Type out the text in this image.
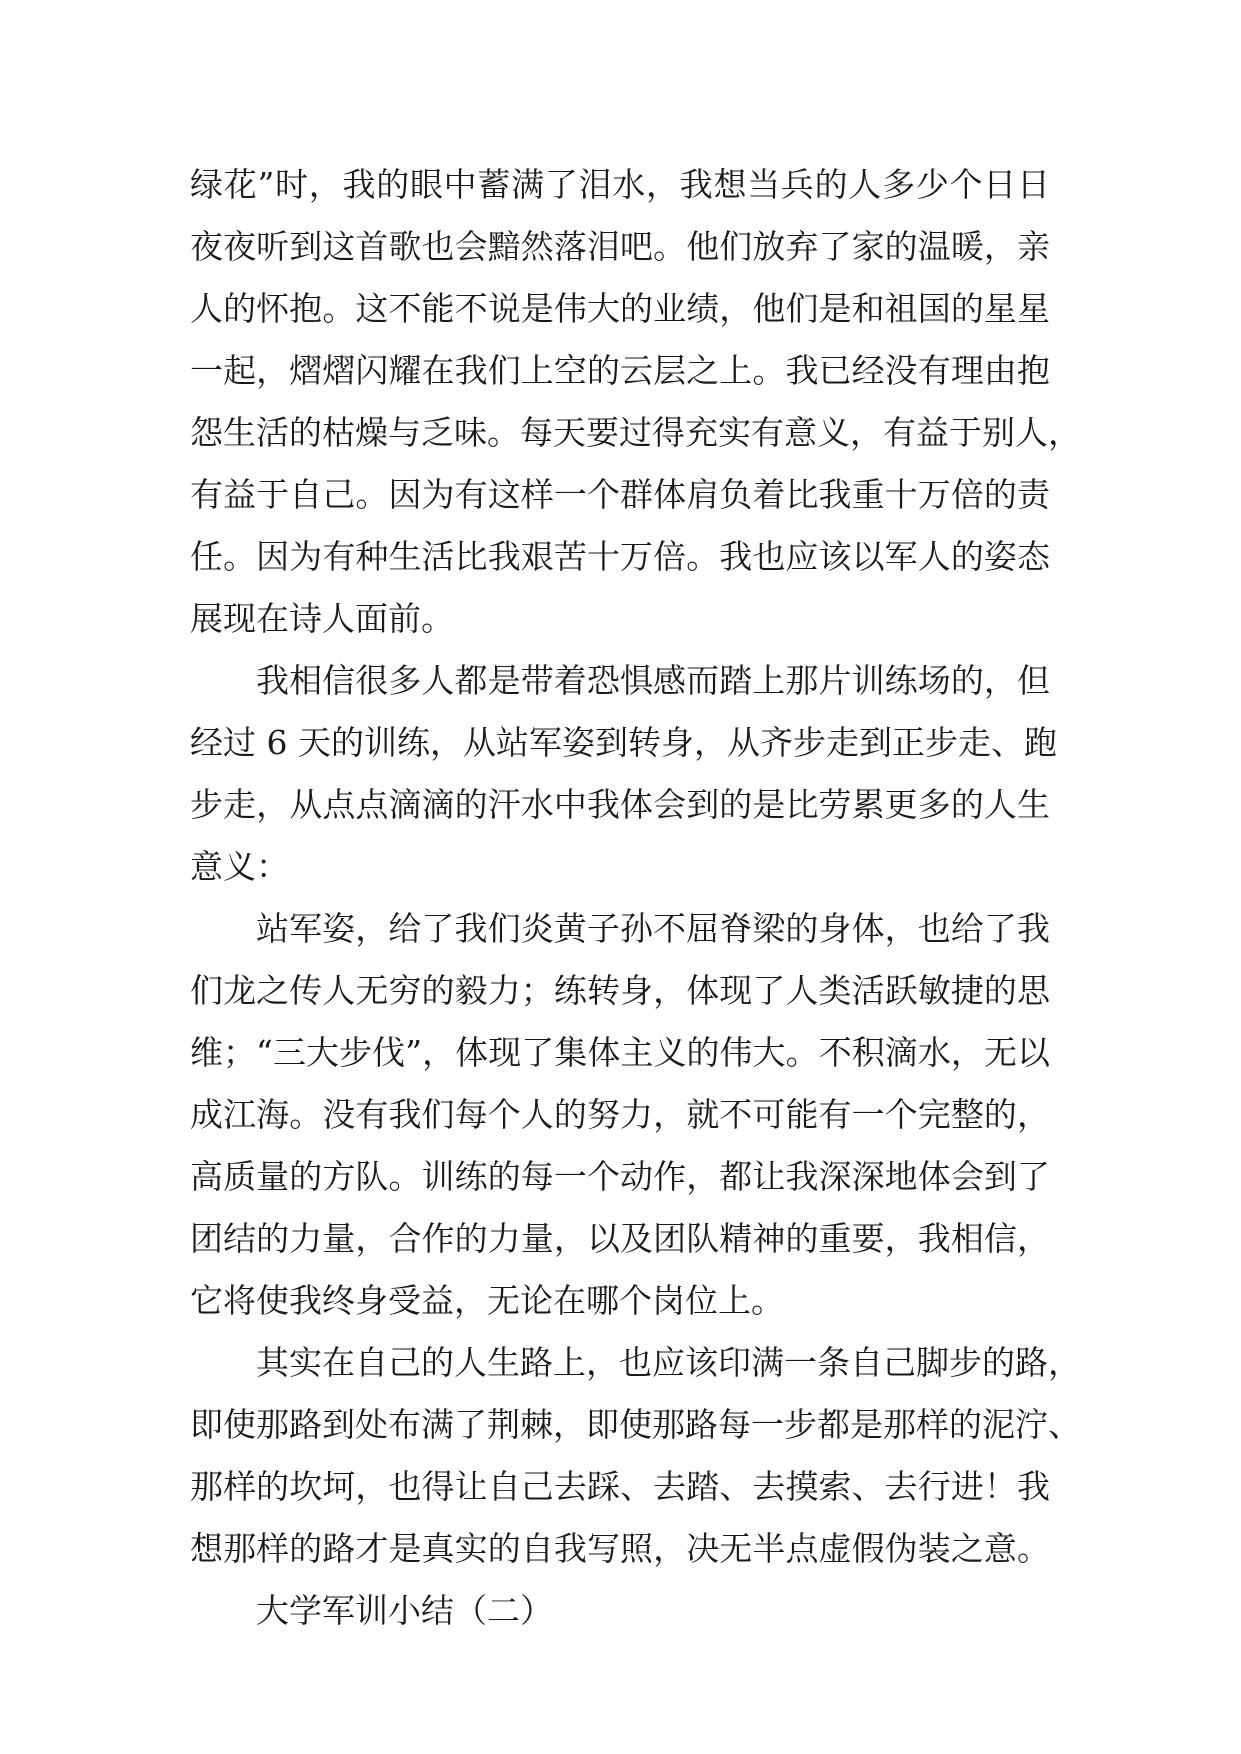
绿花”时，我的眼中蓄满了泪水，我想当兵的人多少个日日
夜夜听到这首歌也会黯然落泪吧。他们放弃了家的温暖，亲
人的怀抱。这不能不说是伟大的业绩，他们是和祖国的星星
一起，熠熠闪耀在我们上空的云层之上。我已经没有理由抱
怨生活的枯燥与乏味。每天要过得充实有意义，有益于别人，
有益于自己。因为有这样一个群体肩负着比我重十万倍的责
任。因为有种生活比我艰苦十万倍。我也应该以军人的姿态
展现在诗人面前。
我相信很多人都是带着恐惧感而踏上那片训练场的，但
经过 6 天的训练，从站军姿到转身，从齐步走到正步走、跑
步走，从点点滴滴的汗水中我体会到的是比劳累更多的人生
意义：
站军姿，给了我们炎黄子孙不屈脊梁的身体，也给了我
们龙之传人无穷的毅力；练转身，体现了人类活跃敏捷的思
维；“三大步伐”，体现了集体主义的伟大。不积滴水，无以
成江海。没有我们每个人的努力，就不可能有一个完整的，
高质量的方队。训练的每一个动作，都让我深深地体会到了
团结的力量，合作的力量，以及团队精神的重要，我相信，
它将使我终身受益，无论在哪个岗位上。
其实在自己的人生路上，也应该印满一条自己脚步的路，
即使那路到处布满了荆棘，即使那路每一步都是那样的泥泞、
那样的坎坷，也得让自己去踩、去踏、去摸索、去行进！我
想那样的路才是真实的自我写照，决无半点虚假伪装之意。
大学军训小结（二）
